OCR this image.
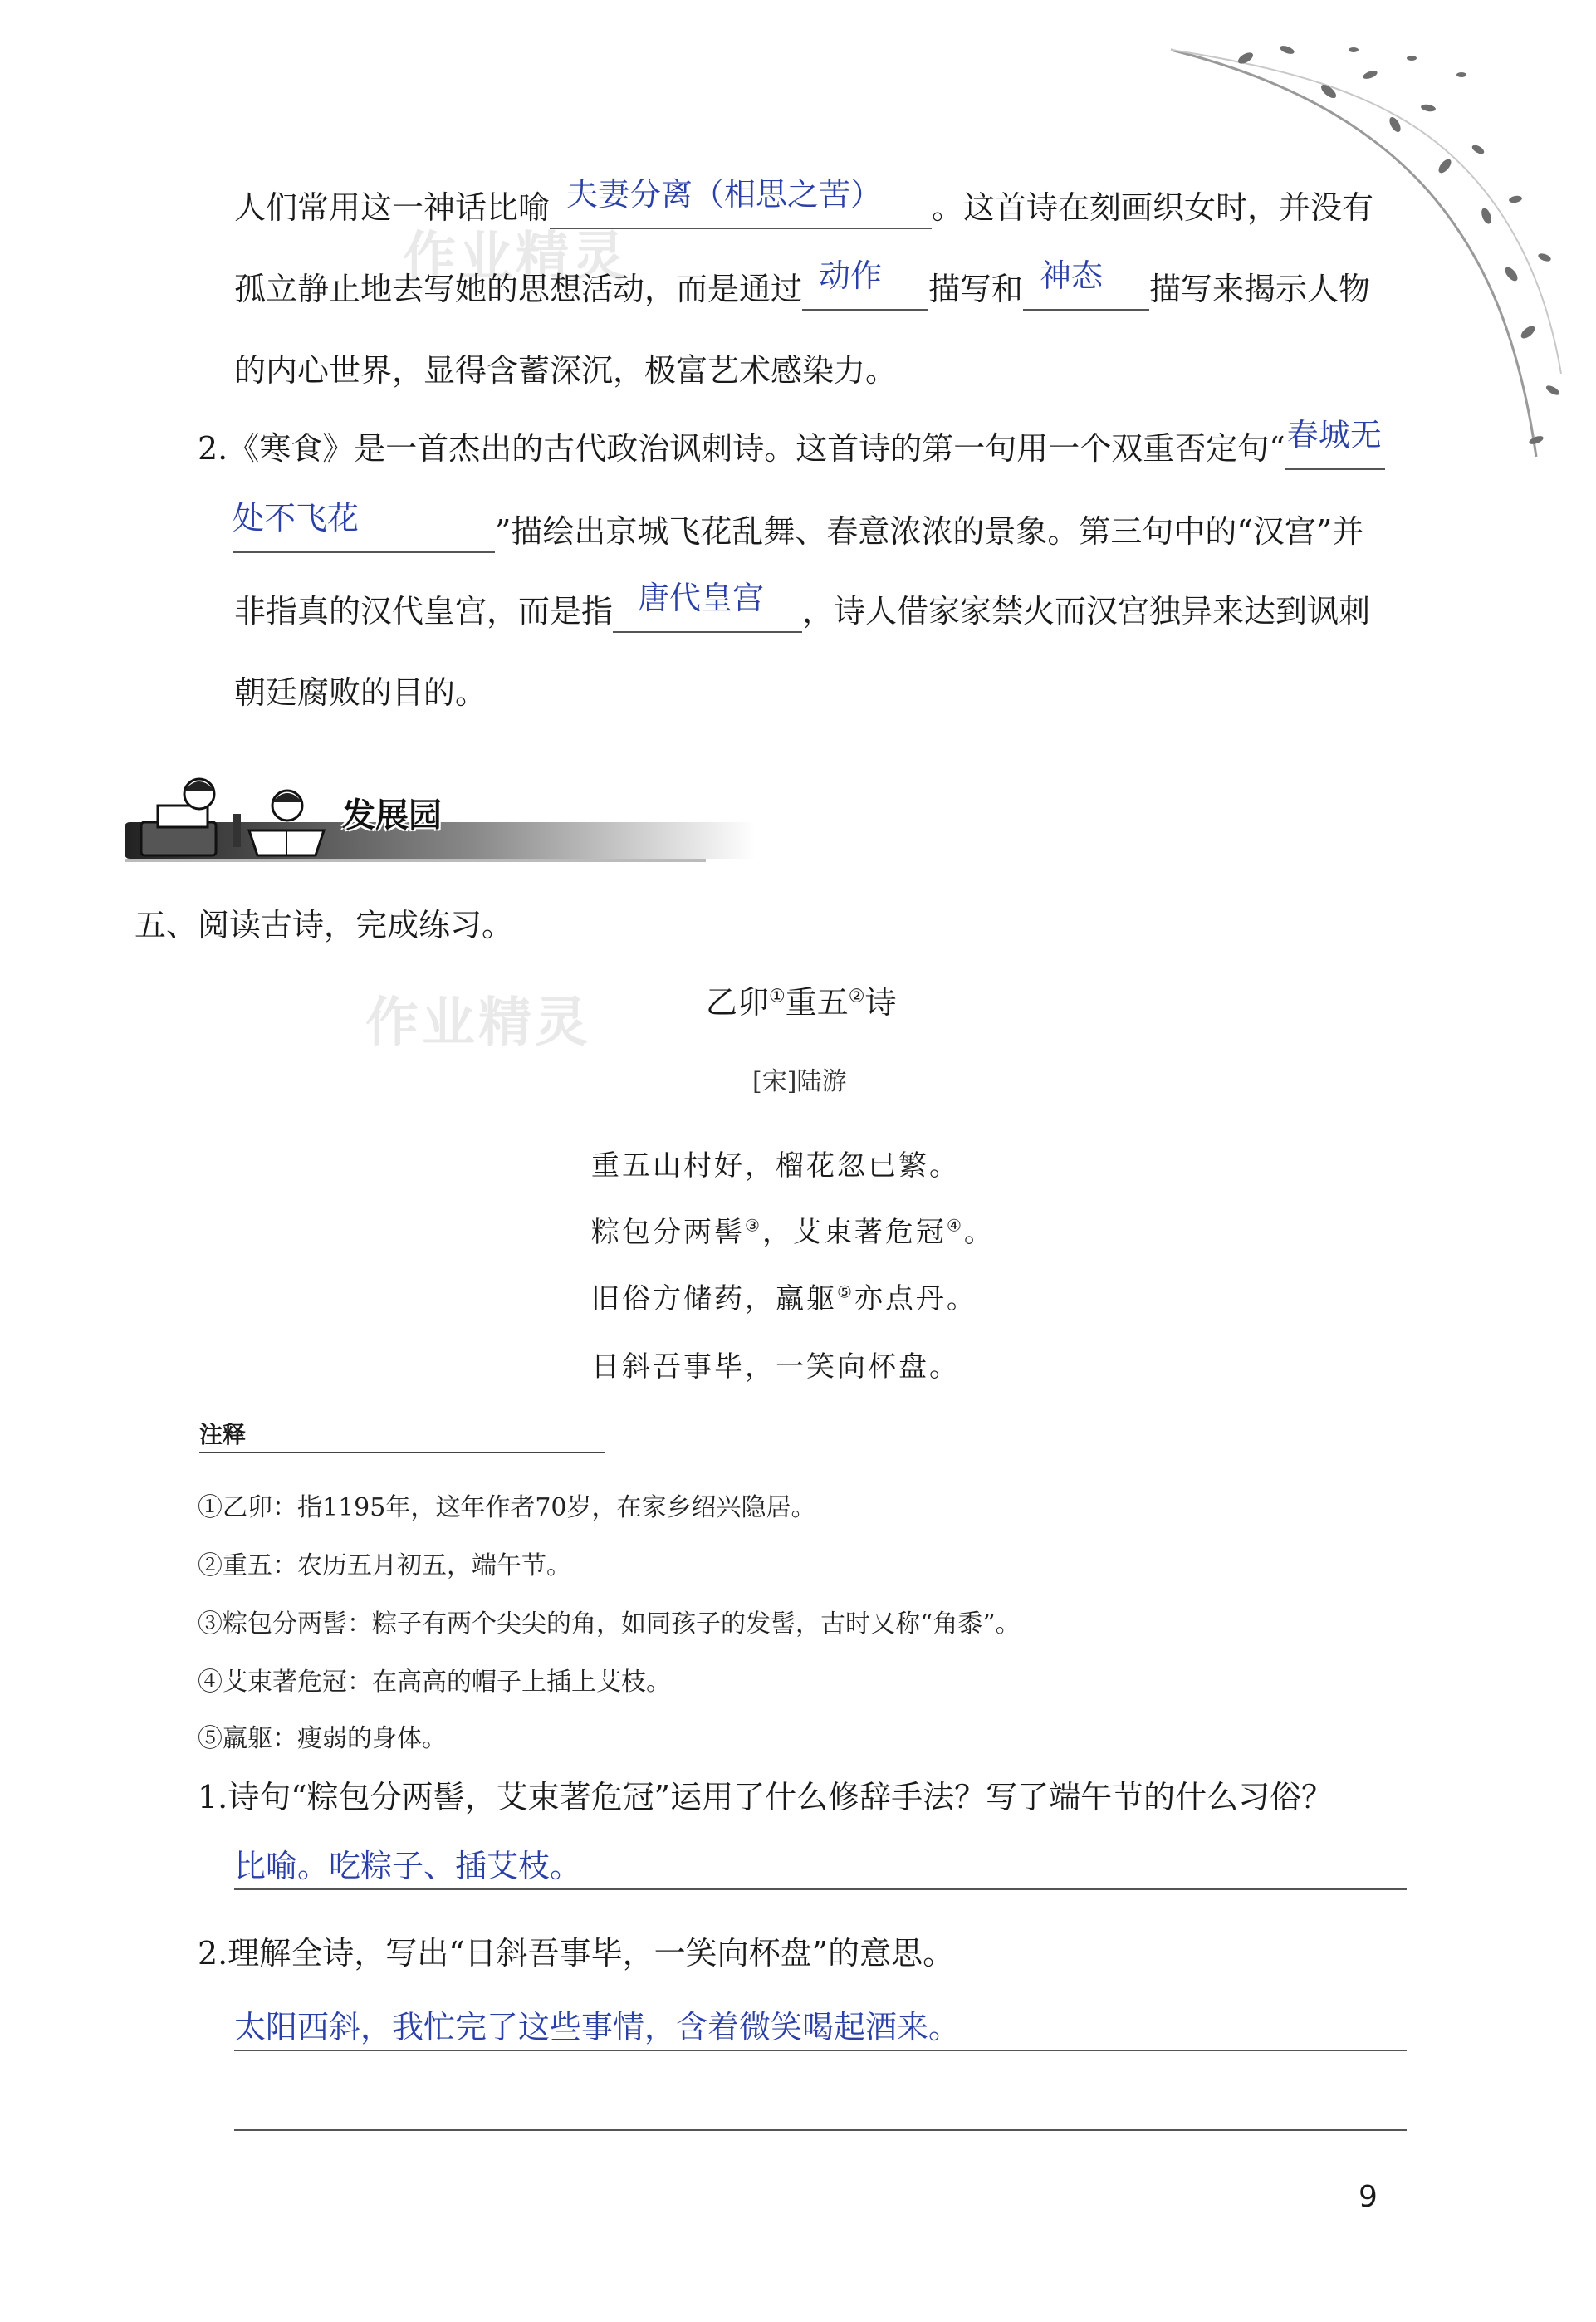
作业精灵
作业精灵
人们常用这一神话比喻 夫妻分离（相思之苦） 。这首诗在刻画织女时，并没有
孤立静止地去写她的思想活动，而是通过 动作 描写和 神态 描写来揭示人物
的内心世界，显得含蓄深沉，极富艺术感染力。
2.《寒食》是一首杰出的古代政治讽刺诗。这首诗的第一句用一个双重否定句“ 春城无
处不飞花	”描绘出京城飞花乱舞、春意浓浓的景象。第三句中的“汉宫”并
非指真的汉代皇宫，而是指 唐代皇宫 ，诗人借家家禁火而汉宫独异来达到讽刺
朝廷腐败的目的。
发展园
五、阅读古诗，完成练习。
乙卯①重五②诗
[宋]陆游
重五山村好，榴花忽已繁。
粽包分两髻③，艾束著危冠④。
旧俗方储药，羸躯⑤亦点丹。
日斜吾事毕，一笑向杯盘。
注释
①乙卯：指1195年，这年作者70岁，在家乡绍兴隐居。
②重五：农历五月初五，端午节。
③粽包分两髻：粽子有两个尖尖的角，如同孩子的发髻，古时又称“角黍”。
④艾束著危冠：在高高的帽子上插上艾枝。
⑤羸躯：瘦弱的身体。
1.诗句“粽包分两髻，艾束著危冠”运用了什么修辞手法？写了端午节的什么习俗？
比喻。吃粽子、插艾枝。
2.理解全诗，写出“日斜吾事毕，一笑向杯盘”的意思。
太阳西斜，我忙完了这些事情，含着微笑喝起酒来。
9
